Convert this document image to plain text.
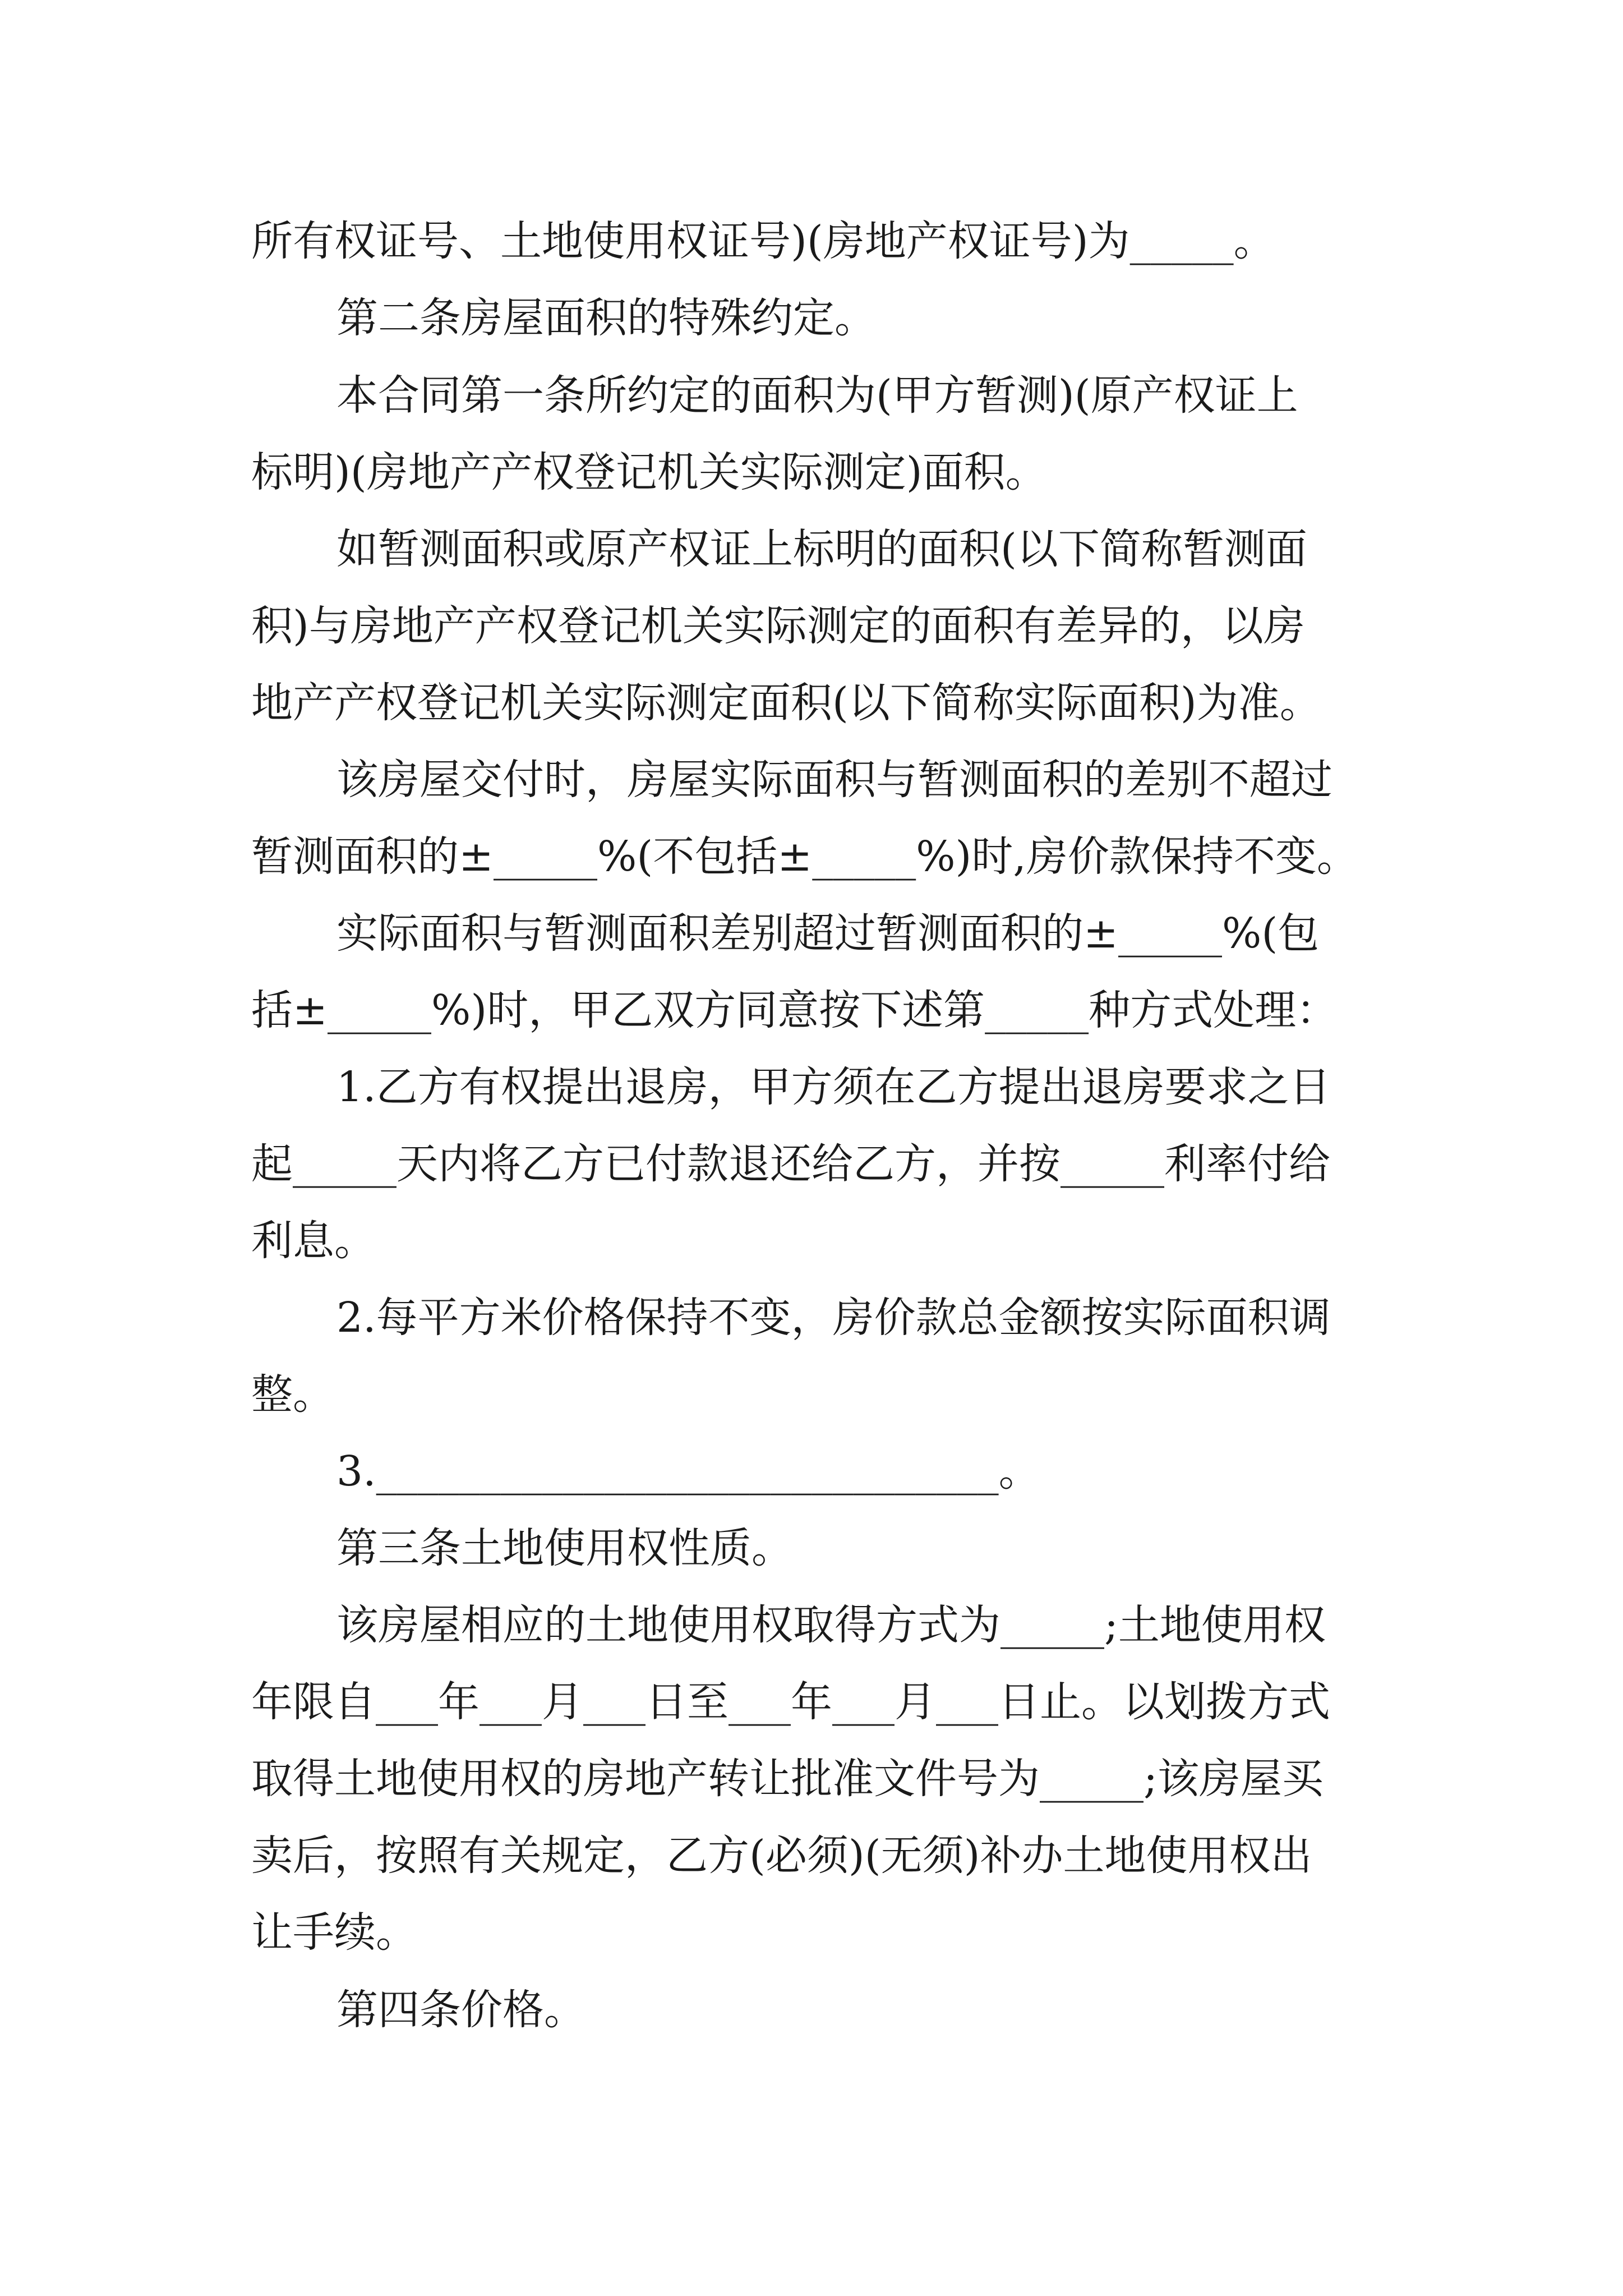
所有权证号、土地使用权证号)(房地产权证号)为_____。
第二条房屋面积的特殊约定。
本合同第一条所约定的面积为(甲方暂测)(原产权证上
标明)(房地产产权登记机关实际测定)面积。
如暂测面积或原产权证上标明的面积(以下简称暂测面
积)与房地产产权登记机关实际测定的面积有差异的，以房
地产产权登记机关实际测定面积(以下简称实际面积)为准。
该房屋交付时，房屋实际面积与暂测面积的差别不超过
暂测面积的±_____%(不包括±_____%)时,房价款保持不变。
实际面积与暂测面积差别超过暂测面积的±_____%(包
括±_____%)时，甲乙双方同意按下述第_____种方式处理：
1.乙方有权提出退房，甲方须在乙方提出退房要求之日
起_____天内将乙方已付款退还给乙方，并按_____利率付给
利息。
2.每平方米价格保持不变，房价款总金额按实际面积调
整。
3.______________________________。
第三条土地使用权性质。
该房屋相应的土地使用权取得方式为_____;土地使用权
年限自___年___月___日至___年___月___日止。以划拨方式
取得土地使用权的房地产转让批准文件号为_____;该房屋买
卖后，按照有关规定，乙方(必须)(无须)补办土地使用权出
让手续。
第四条价格。
